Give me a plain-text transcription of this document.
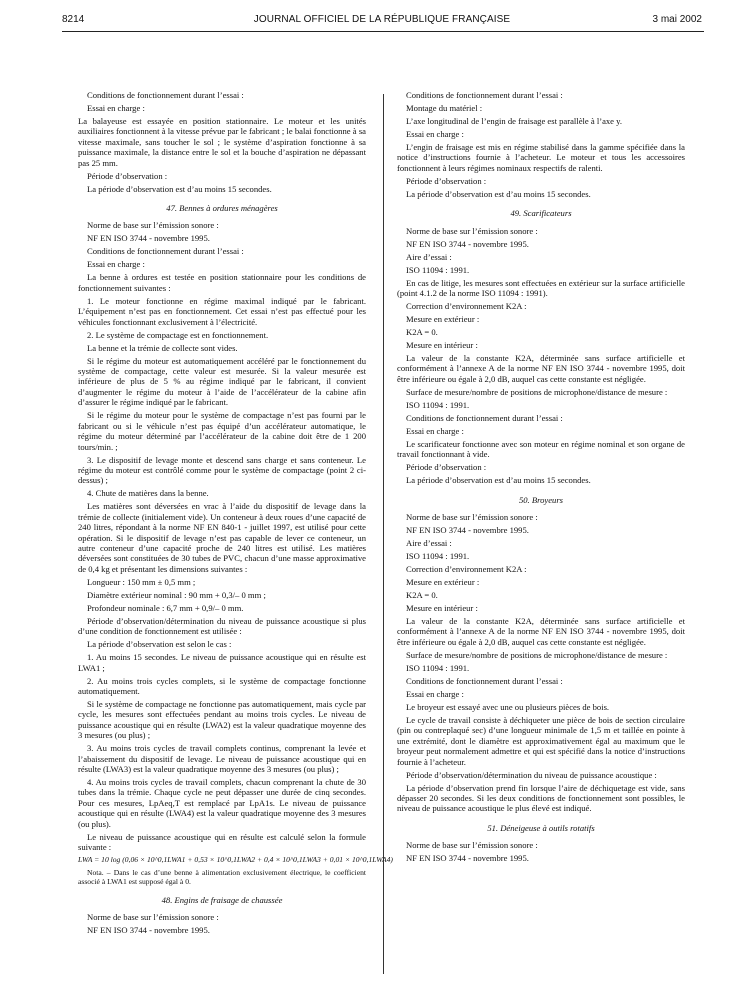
8214	JOURNAL OFFICIEL DE LA RÉPUBLIQUE FRANÇAISE	3 mai 2002

Conditions de fonctionnement durant l’essai :

Essai en charge :

La balayeuse est essayée en position stationnaire. Le moteur et les unités auxiliaires fonctionnent à la vitesse prévue par le fabricant ; le balai fonctionne à sa vitesse maximale, sans toucher le sol ; le système d’aspiration fonctionne à sa puissance maximale, la distance entre le sol et la bouche d’aspiration ne dépassant pas 25 mm.

Période d’observation :

La période d’observation est d’au moins 15 secondes.

47. Bennes à ordures ménagères

Norme de base sur l’émission sonore :

NF EN ISO 3744 - novembre 1995.

Conditions de fonctionnement durant l’essai :

Essai en charge :

La benne à ordures est testée en position stationnaire pour les conditions de fonctionnement suivantes :

1. Le moteur fonctionne en régime maximal indiqué par le fabricant. L’équipement n’est pas en fonctionnement. Cet essai n’est pas effectué pour les véhicules fonctionnant exclusivement à l’électricité.

2. Le système de compactage est en fonctionnement.

La benne et la trémie de collecte sont vides.

Si le régime du moteur est automatiquement accéléré par le fonctionnement du système de compactage, cette valeur est mesurée. Si la valeur mesurée est inférieure de plus de 5 % au régime indiqué par le fabricant, il convient d’augmenter le régime du moteur à l’aide de l’accélérateur de la cabine afin d’assurer le régime indiqué par le fabricant.

Si le régime du moteur pour le système de compactage n’est pas fourni par le fabricant ou si le véhicule n’est pas équipé d’un accélérateur automatique, le régime du moteur déterminé par l’accélérateur de la cabine doit être de 1 200 tours/min. ;

3. Le dispositif de levage monte et descend sans charge et sans conteneur. Le régime du moteur est contrôlé comme pour le système de compactage (point 2 ci-dessus) ;

4. Chute de matières dans la benne.

Les matières sont déversées en vrac à l’aide du dispositif de levage dans la trémie de collecte (initialement vide). Un conteneur à deux roues d’une capacité de 240 litres, répondant à la norme NF EN 840-1 - juillet 1997, est utilisé pour cette opération. Si le dispositif de levage n’est pas capable de lever ce conteneur, un autre conteneur d’une capacité proche de 240 litres est utilisé. Les matières déversées sont constituées de 30 tubes de PVC, chacun d’une masse approximative de 0,4 kg et présentant les dimensions suivantes :

Longueur : 150 mm ± 0,5 mm ;

Diamètre extérieur nominal : 90 mm + 0,3/– 0 mm ;

Profondeur nominale : 6,7 mm + 0,9/– 0 mm.

Période d’observation/détermination du niveau de puissance acoustique si plus d’une condition de fonctionnement est utilisée :

La période d’observation est selon le cas :

1. Au moins 15 secondes. Le niveau de puissance acoustique qui en résulte est LWA1 ;

2. Au moins trois cycles complets, si le système de compactage fonctionne automatiquement.

Si le système de compactage ne fonctionne pas automatiquement, mais cycle par cycle, les mesures sont effectuées pendant au moins trois cycles. Le niveau de puissance acoustique qui en résulte (LWA2) est la valeur quadratique moyenne des 3 mesures (ou plus) ;

3. Au moins trois cycles de travail complets continus, comprenant la levée et l’abaissement du dispositif de levage. Le niveau de puissance acoustique qui en résulte (LWA3) est la valeur quadratique moyenne des 3 mesures (ou plus) ;

4. Au moins trois cycles de travail complets, chacun comprenant la chute de 30 tubes dans la trémie. Chaque cycle ne peut dépasser une durée de cinq secondes. Pour ces mesures, LpAeq,T est remplacé par LpA1s. Le niveau de puissance acoustique qui en résulte (LWA4) est la valeur quadratique moyenne des 3 mesures (ou plus).

Le niveau de puissance acoustique qui en résulte est calculé selon la formule suivante :

LWA = 10 log (0,06 × 10^0,1LWA1 + 0,53 × 10^0,1LWA2 + 0,4 × 10^0,1LWA3 + 0,01 × 10^0,1LWA4)

Nota. – Dans le cas d’une benne à alimentation exclusivement électrique, le coefficient associé à LWA1 est supposé égal à 0.

48. Engins de fraisage de chaussée

Norme de base sur l’émission sonore :

NF EN ISO 3744 - novembre 1995.

Conditions de fonctionnement durant l’essai :

Montage du matériel :

L’axe longitudinal de l’engin de fraisage est parallèle à l’axe y.

Essai en charge :

L’engin de fraisage est mis en régime stabilisé dans la gamme spécifiée dans la notice d’instructions fournie à l’acheteur. Le moteur et tous les accessoires fonctionnent à leurs régimes nominaux respectifs de ralenti.

Période d’observation :

La période d’observation est d’au moins 15 secondes.

49. Scarificateurs

Norme de base sur l’émission sonore :

NF EN ISO 3744 - novembre 1995.

Aire d’essai :

ISO 11094 : 1991.

En cas de litige, les mesures sont effectuées en extérieur sur la surface artificielle (point 4.1.2 de la norme ISO 11094 : 1991).

Correction d’environnement K2A :

Mesure en extérieur :

K2A = 0.

Mesure en intérieur :

La valeur de la constante K2A, déterminée sans surface artificielle et conformément à l’annexe A de la norme NF EN ISO 3744 - novembre 1995, doit être inférieure ou égale à 2,0 dB, auquel cas cette constante est négligée.

Surface de mesure/nombre de positions de microphone/distance de mesure :

ISO 11094 : 1991.

Conditions de fonctionnement durant l’essai :

Essai en charge :

Le scarificateur fonctionne avec son moteur en régime nominal et son organe de travail fonctionnant à vide.

Période d’observation :

La période d’observation est d’au moins 15 secondes.

50. Broyeurs

Norme de base sur l’émission sonore :

NF EN ISO 3744 - novembre 1995.

Aire d’essai :

ISO 11094 : 1991.

Correction d’environnement K2A :

Mesure en extérieur :

K2A = 0.

Mesure en intérieur :

La valeur de la constante K2A, déterminée sans surface artificielle et conformément à l’annexe A de la norme NF EN ISO 3744 - novembre 1995, doit être inférieure ou égale à 2,0 dB, auquel cas cette constante est négligée.

Surface de mesure/nombre de positions de microphone/distance de mesure :

ISO 11094 : 1991.

Conditions de fonctionnement durant l’essai :

Essai en charge :

Le broyeur est essayé avec une ou plusieurs pièces de bois.

Le cycle de travail consiste à déchiqueter une pièce de bois de section circulaire (pin ou contreplaqué sec) d’une longueur minimale de 1,5 m et taillée en pointe à une extrémité, dont le diamètre est approximativement égal au maximum que le broyeur peut normalement admettre et qui est spécifié dans la notice d’instructions fournie à l’acheteur.

Période d’observation/détermination du niveau de puissance acoustique :

La période d’observation prend fin lorsque l’aire de déchiquetage est vide, sans dépasser 20 secondes. Si les deux conditions de fonctionnement sont possibles, le niveau de puissance acoustique le plus élevé est indiqué.

51. Déneigeuse à outils rotatifs

Norme de base sur l’émission sonore :

NF EN ISO 3744 - novembre 1995.
